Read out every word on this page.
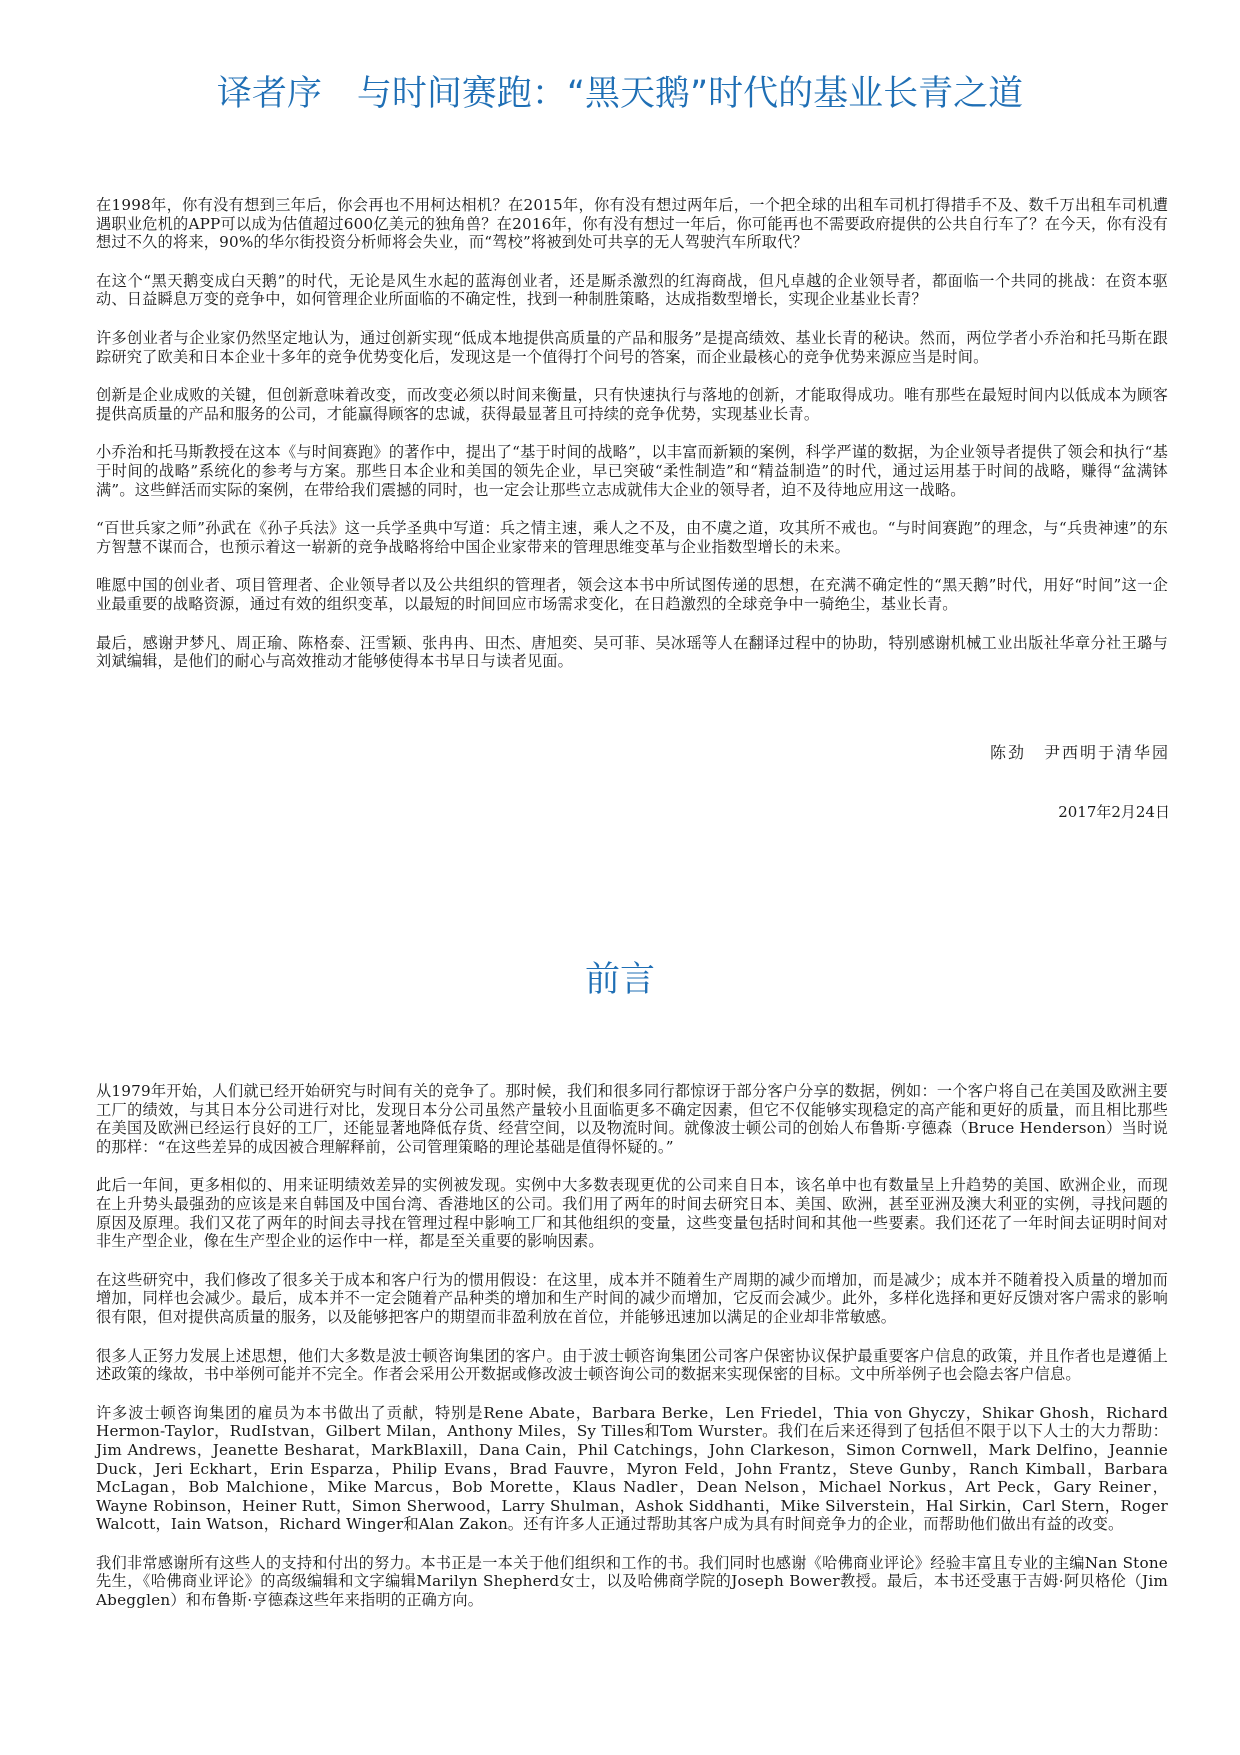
译者序　与时间赛跑：“黑天鹅”时代的基业长青之道

在1998年，你有没有想到三年后，你会再也不用柯达相机？在2015年，你有没有想过两年后，一个把全球的出租车司机打得措手不及、数千万出租车司机遭遇职业危机的APP可以成为估值超过600亿美元的独角兽？在2016年，你有没有想过一年后，你可能再也不需要政府提供的公共自行车了？在今天，你有没有想过不久的将来，90%的华尔街投资分析师将会失业，而“驾校”将被到处可共享的无人驾驶汽车所取代？

在这个“黑天鹅变成白天鹅”的时代，无论是风生水起的蓝海创业者，还是厮杀激烈的红海商战，但凡卓越的企业领导者，都面临一个共同的挑战：在资本驱动、日益瞬息万变的竞争中，如何管理企业所面临的不确定性，找到一种制胜策略，达成指数型增长，实现企业基业长青？

许多创业者与企业家仍然坚定地认为，通过创新实现“低成本地提供高质量的产品和服务”是提高绩效、基业长青的秘诀。然而，两位学者小乔治和托马斯在跟踪研究了欧美和日本企业十多年的竞争优势变化后，发现这是一个值得打个问号的答案，而企业最核心的竞争优势来源应当是时间。

创新是企业成败的关键，但创新意味着改变，而改变必须以时间来衡量，只有快速执行与落地的创新，才能取得成功。唯有那些在最短时间内以低成本为顾客提供高质量的产品和服务的公司，才能赢得顾客的忠诚，获得最显著且可持续的竞争优势，实现基业长青。

小乔治和托马斯教授在这本《与时间赛跑》的著作中，提出了“基于时间的战略”，以丰富而新颖的案例，科学严谨的数据，为企业领导者提供了领会和执行“基于时间的战略”系统化的参考与方案。那些日本企业和美国的领先企业，早已突破“柔性制造”和“精益制造”的时代，通过运用基于时间的战略，赚得“盆满钵满”。这些鲜活而实际的案例，在带给我们震撼的同时，也一定会让那些立志成就伟大企业的领导者，迫不及待地应用这一战略。

“百世兵家之师”孙武在《孙子兵法》这一兵学圣典中写道：兵之情主速，乘人之不及，由不虞之道，攻其所不戒也。“与时间赛跑”的理念，与“兵贵神速”的东方智慧不谋而合，也预示着这一崭新的竞争战略将给中国企业家带来的管理思维变革与企业指数型增长的未来。

唯愿中国的创业者、项目管理者、企业领导者以及公共组织的管理者，领会这本书中所试图传递的思想，在充满不确定性的“黑天鹅”时代，用好“时间”这一企业最重要的战略资源，通过有效的组织变革，以最短的时间回应市场需求变化，在日趋激烈的全球竞争中一骑绝尘，基业长青。

最后，感谢尹梦凡、周正瑜、陈格泰、汪雪颖、张冉冉、田杰、唐旭奕、吴可菲、吴冰瑶等人在翻译过程中的协助，特别感谢机械工业出版社华章分社王璐与刘斌编辑，是他们的耐心与高效推动才能够使得本书早日与读者见面。

陈劲　尹西明于清华园
2017年2月24日
前言

从1979年开始，人们就已经开始研究与时间有关的竞争了。那时候，我们和很多同行都惊讶于部分客户分享的数据，例如：一个客户将自己在美国及欧洲主要工厂的绩效，与其日本分公司进行对比，发现日本分公司虽然产量较小且面临更多不确定因素，但它不仅能够实现稳定的高产能和更好的质量，而且相比那些在美国及欧洲已经运行良好的工厂，还能显著地降低存货、经营空间，以及物流时间。就像波士顿公司的创始人布鲁斯·亨德森（Bruce Henderson）当时说的那样：“在这些差异的成因被合理解释前，公司管理策略的理论基础是值得怀疑的。”

此后一年间，更多相似的、用来证明绩效差异的实例被发现。实例中大多数表现更优的公司来自日本，该名单中也有数量呈上升趋势的美国、欧洲企业，而现在上升势头最强劲的应该是来自韩国及中国台湾、香港地区的公司。我们用了两年的时间去研究日本、美国、欧洲，甚至亚洲及澳大利亚的实例，寻找问题的原因及原理。我们又花了两年的时间去寻找在管理过程中影响工厂和其他组织的变量，这些变量包括时间和其他一些要素。我们还花了一年时间去证明时间对非生产型企业，像在生产型企业的运作中一样，都是至关重要的影响因素。

在这些研究中，我们修改了很多关于成本和客户行为的惯用假设：在这里，成本并不随着生产周期的减少而增加，而是减少；成本并不随着投入质量的增加而增加，同样也会减少。最后，成本并不一定会随着产品种类的增加和生产时间的减少而增加，它反而会减少。此外，多样化选择和更好反馈对客户需求的影响很有限，但对提供高质量的服务，以及能够把客户的期望而非盈利放在首位，并能够迅速加以满足的企业却非常敏感。

很多人正努力发展上述思想，他们大多数是波士顿咨询集团的客户。由于波士顿咨询集团公司客户保密协议保护最重要客户信息的政策，并且作者也是遵循上述政策的缘故，书中举例可能并不完全。作者会采用公开数据或修改波士顿咨询公司的数据来实现保密的目标。文中所举例子也会隐去客户信息。

许多波士顿咨询集团的雇员为本书做出了贡献，特别是Rene Abate，Barbara Berke，Len Friedel，Thia von Ghyczy，Shikar Ghosh，Richard Hermon-Taylor，RudIstvan，Gilbert Milan，Anthony Miles，Sy Tilles和Tom Wurster。我们在后来还得到了包括但不限于以下人士的大力帮助：Jim Andrews，Jeanette Besharat，MarkBlaxill，Dana Cain，Phil Catchings，John Clarkeson，Simon Cornwell，Mark Delfino，Jeannie Duck，Jeri Eckhart，Erin Esparza，Philip Evans，Brad Fauvre，Myron Feld，John Frantz，Steve Gunby，Ranch Kimball，Barbara McLagan，Bob Malchione，Mike Marcus，Bob Morette，Klaus Nadler，Dean Nelson，Michael Norkus，Art Peck，Gary Reiner，Wayne Robinson，Heiner Rutt，Simon Sherwood，Larry Shulman，Ashok Siddhanti，Mike Silverstein，Hal Sirkin，Carl Stern，Roger Walcott，Iain Watson，Richard Winger和Alan Zakon。还有许多人正通过帮助其客户成为具有时间竞争力的企业，而帮助他们做出有益的改变。

我们非常感谢所有这些人的支持和付出的努力。本书正是一本关于他们组织和工作的书。我们同时也感谢《哈佛商业评论》经验丰富且专业的主编Nan Stone先生，《哈佛商业评论》的高级编辑和文字编辑Marilyn Shepherd女士，以及哈佛商学院的Joseph Bower教授。最后，本书还受惠于吉姆·阿贝格伦（Jim Abegglen）和布鲁斯·亨德森这些年来指明的正确方向。
